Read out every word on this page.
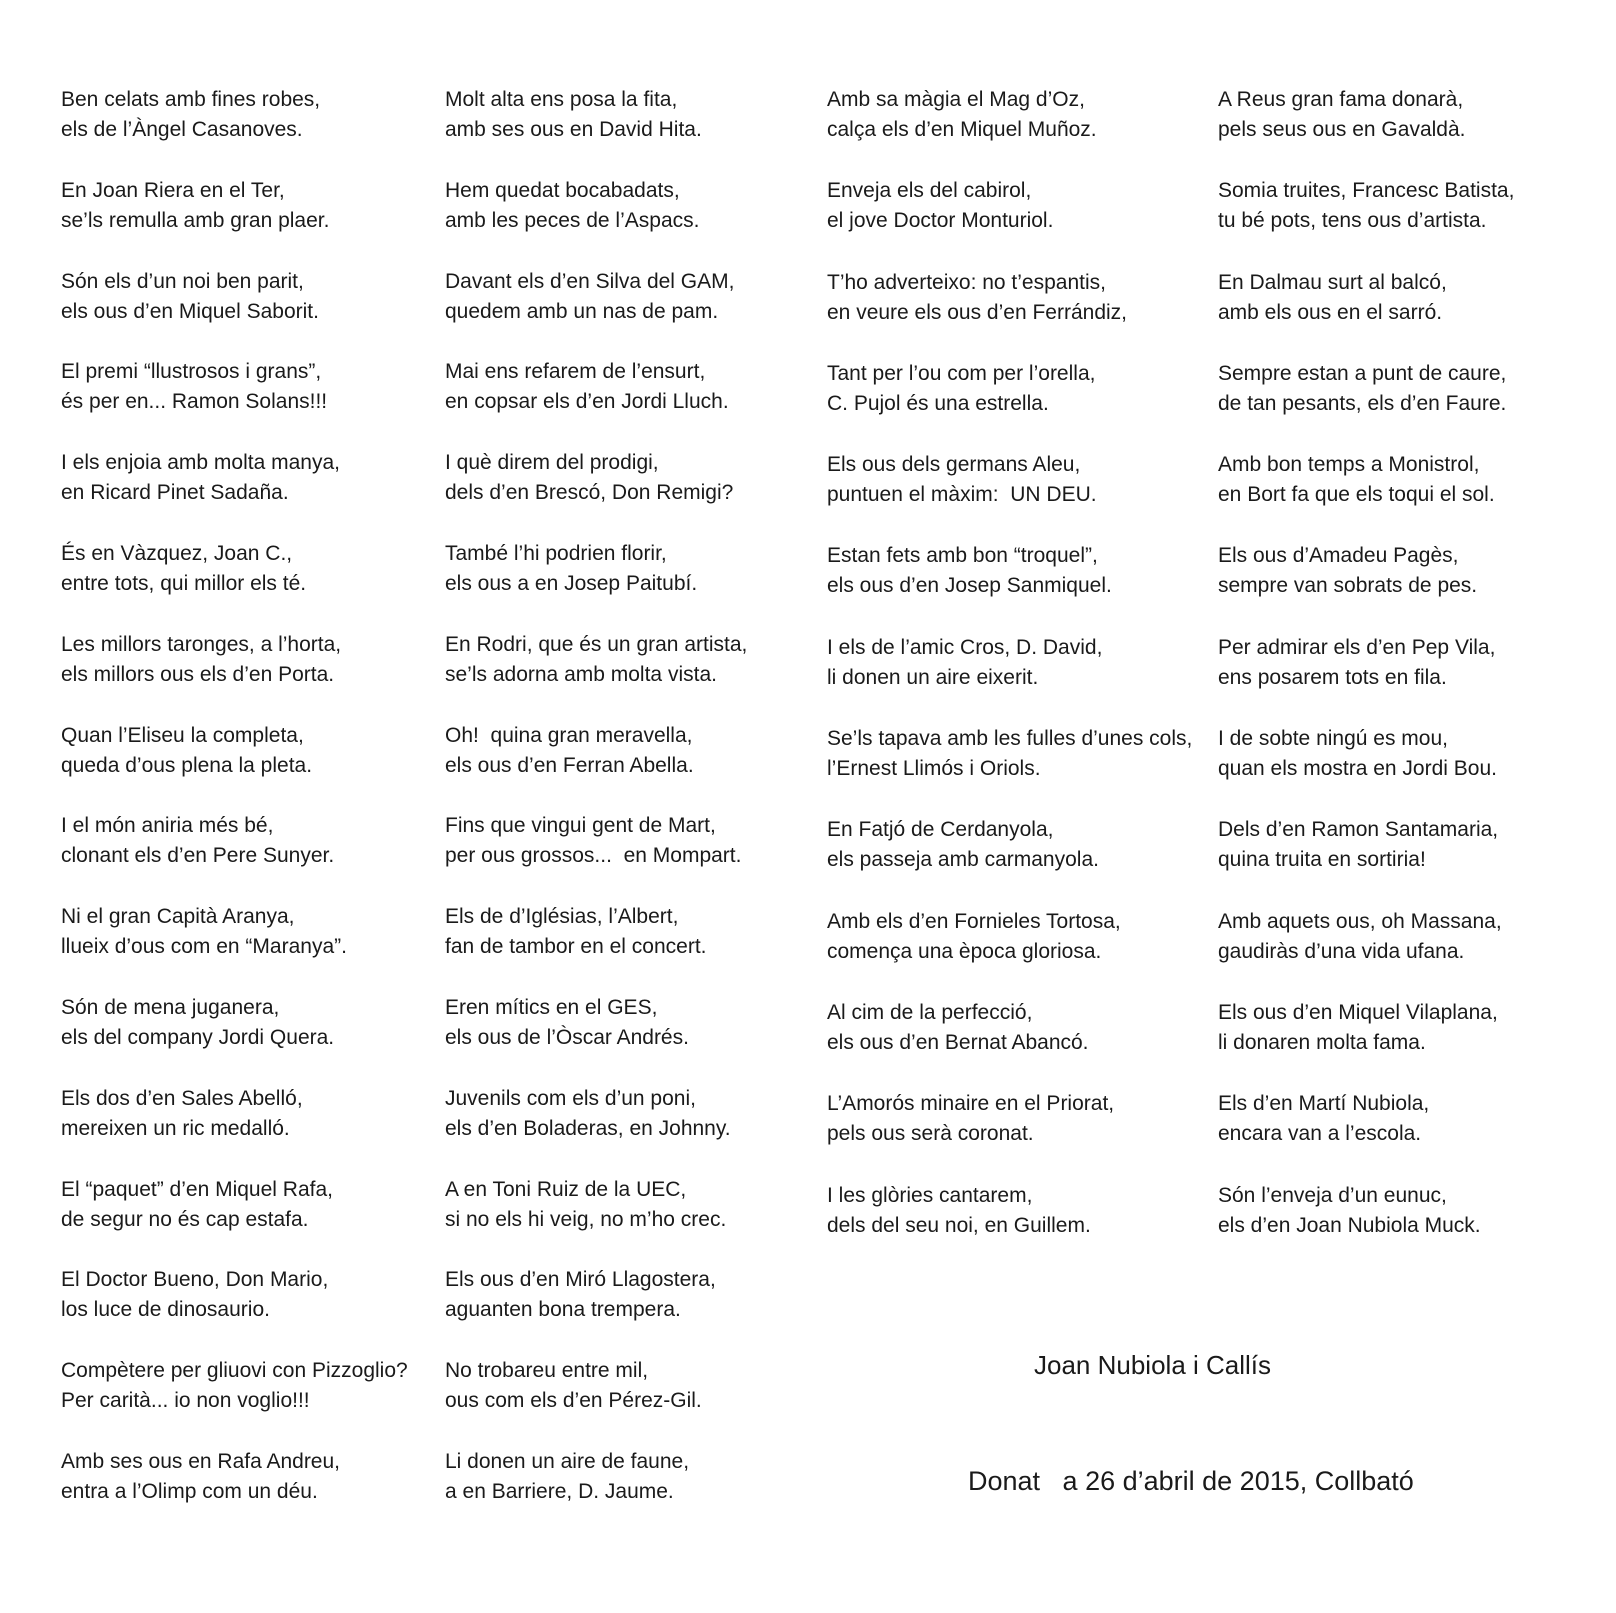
Ben celats amb fines robes,
els de l’Àngel Casanoves.
En Joan Riera en el Ter,
se’ls remulla amb gran plaer.
Són els d’un noi ben parit,
els ous d’en Miquel Saborit.
El premi “llustrosos i grans”,
és per en... Ramon Solans!!!
I els enjoia amb molta manya,
en Ricard Pinet Sadaña.
És en Vàzquez, Joan C.,
entre tots, qui millor els té.
Les millors taronges, a l’horta,
els millors ous els d’en Porta.
Quan l’Eliseu la completa,
queda d’ous plena la pleta.
I el món aniria més bé,
clonant els d’en Pere Sunyer.
Ni el gran Capità Aranya,
llueix d’ous com en “Maranya”.
Són de mena juganera,
els del company Jordi Quera.
Els dos d’en Sales Abelló,
mereixen un ric medalló.
El “paquet” d’en Miquel Rafa,
de segur no és cap estafa.
El Doctor Bueno, Don Mario,
los luce de dinosaurio.
Compètere per gliuovi con Pizzoglio?
Per carità... io non voglio!!!
Amb ses ous en Rafa Andreu,
entra a l’Olimp com un déu.
Molt alta ens posa la fita,
amb ses ous en David Hita.
Hem quedat bocabadats,
amb les peces de l’Aspacs.
Davant els d’en Silva del GAM,
quedem amb un nas de pam.
Mai ens refarem de l’ensurt,
en copsar els d’en Jordi Lluch.
I què direm del prodigi,
dels d’en Brescó, Don Remigi?
També l’hi podrien florir,
els ous a en Josep Paitubí.
En Rodri, que és un gran artista,
se’ls adorna amb molta vista.
Oh!  quina gran meravella,
els ous d’en Ferran Abella.
Fins que vingui gent de Mart,
per ous grossos...  en Mompart.
Els de d’Iglésias, l’Albert,
fan de tambor en el concert.
Eren mítics en el GES,
els ous de l’Òscar Andrés.
Juvenils com els d’un poni,
els d’en Boladeras, en Johnny.
A en Toni Ruiz de la UEC,
si no els hi veig, no m’ho crec.
Els ous d’en Miró Llagostera,
aguanten bona trempera.
No trobareu entre mil,
ous com els d’en Pérez-Gil.
Li donen un aire de faune,
a en Barriere, D. Jaume.
Amb sa màgia el Mag d’Oz,
calça els d’en Miquel Muñoz.
Enveja els del cabirol,
el jove Doctor Monturiol.
T’ho adverteixo: no t’espantis,
en veure els ous d’en Ferrándiz,
Tant per l’ou com per l’orella,
C. Pujol és una estrella.
Els ous dels germans Aleu,
puntuen el màxim:  UN DEU.
Estan fets amb bon “troquel”,
els ous d’en Josep Sanmiquel.
I els de l’amic Cros, D. David,
li donen un aire eixerit.
Se’ls tapava amb les fulles d’unes cols,
l’Ernest Llimós i Oriols.
En Fatjó de Cerdanyola,
els passeja amb carmanyola.
Amb els d’en Fornieles Tortosa,
comença una època gloriosa.
Al cim de la perfecció,
els ous d’en Bernat Abancó.
L’Amorós minaire en el Priorat,
pels ous serà coronat.
I les glòries cantarem,
dels del seu noi, en Guillem.
A Reus gran fama donarà,
pels seus ous en Gavaldà.
Somia truites, Francesc Batista,
tu bé pots, tens ous d’artista.
En Dalmau surt al balcó,
amb els ous en el sarró.
Sempre estan a punt de caure,
de tan pesants, els d’en Faure.
Amb bon temps a Monistrol,
en Bort fa que els toqui el sol.
Els ous d’Amadeu Pagès,
sempre van sobrats de pes.
Per admirar els d’en Pep Vila,
ens posarem tots en fila.
I de sobte ningú es mou,
quan els mostra en Jordi Bou.
Dels d’en Ramon Santamaria,
quina truita en sortiria!
Amb aquets ous, oh Massana,
gaudiràs d’una vida ufana.
Els ous d’en Miquel Vilaplana,
li donaren molta fama.
Els d’en Martí Nubiola,
encara van a l’escola.
Són l’enveja d’un eunuc,
els d’en Joan Nubiola Muck.
Joan Nubiola i Callís
Donat   a 26 d’abril de 2015, Collbató
